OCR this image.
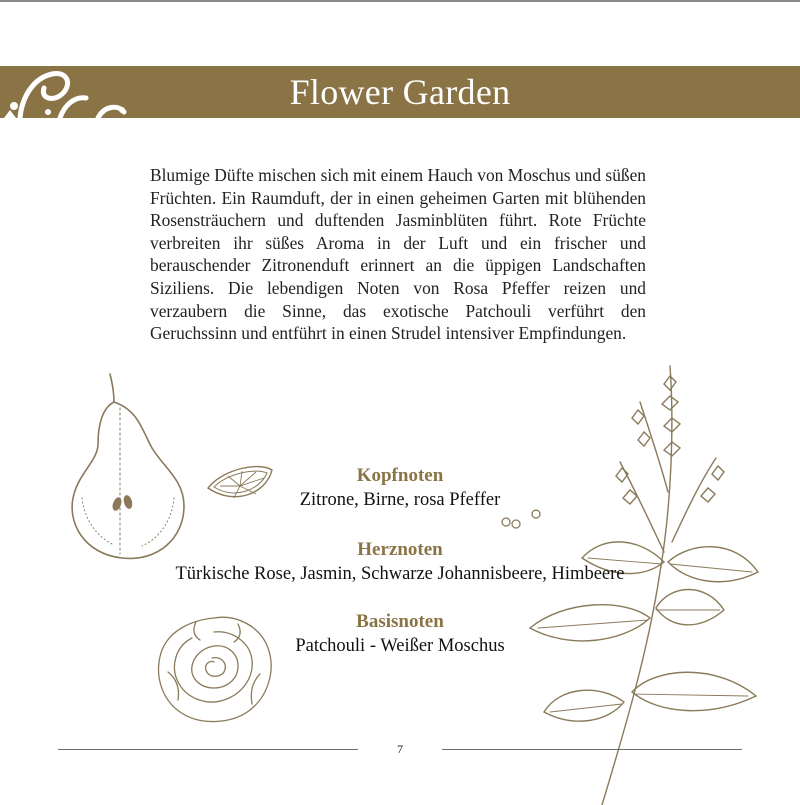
Flower Garden

Blumige Düfte mischen sich mit einem Hauch von Moschus und süßen Früchten. Ein Raumduft, der in einen geheimen Garten mit blühenden Rosensträuchern und duftenden Jasminblüten führt. Rote Früchte verbreiten ihr süßes Aroma in der Luft und ein frischer und berauschender Zitronenduft erinnert an die üppigen Landschaften Siziliens. Die lebendigen Noten von Rosa Pfeffer reizen und verzaubern die Sinne, das exotische Patchouli verführt den Geruchssinn und entführt in einen Strudel intensiver Empfindungen.

Kopfnoten
Zitrone, Birne, rosa Pfeffer
Herznoten
Türkische Rose, Jasmin, Schwarze Johannisbeere, Himbeere
Basisnoten
Patchouli - Weißer Moschus
7
